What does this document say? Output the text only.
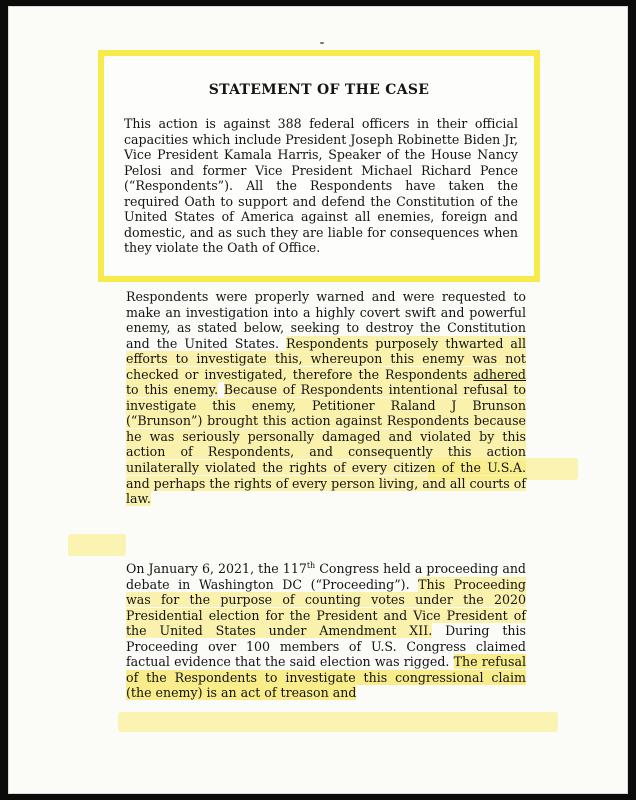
STATEMENT OF THE CASE
This action is against 388 federal officers in their official capacities which include President Joseph Robinette Biden Jr, Vice President Kamala Harris, Speaker of the House Nancy Pelosi and former Vice President Michael Richard Pence (“Respondents”). All the Respondents have taken the required Oath to support and defend the Constitution of the United States of America against all enemies, foreign and domestic, and as such they are liable for consequences when they violate the Oath of Office.
Respondents were properly warned and were requested to make an investigation into a highly covert swift and powerful enemy, as stated below, seeking to destroy the Constitution and the United States. Respondents purposely thwarted all efforts to investigate this, whereupon this enemy was not checked or investigated, therefore the Respondents adhered to this enemy. Because of Respondents intentional refusal to investigate this enemy, Petitioner Raland J Brunson (“Brunson”) brought this action against Respondents because he was seriously personally damaged and violated by this action of Respondents, and consequently this action unilaterally violated the rights of every citizen of the U.S.A. and perhaps the rights of every person living, and all courts of law.
On January 6, 2021, the 117th Congress held a proceeding and debate in Washington DC (“Proceeding”). This Proceeding was for the purpose of counting votes under the 2020 Presidential election for the President and Vice President of the United States under Amendment XII. During this Proceeding over 100 members of U.S. Congress claimed factual evidence that the said election was rigged. The refusal of the Respondents to investigate this congressional claim (the enemy) is an act of treason and
